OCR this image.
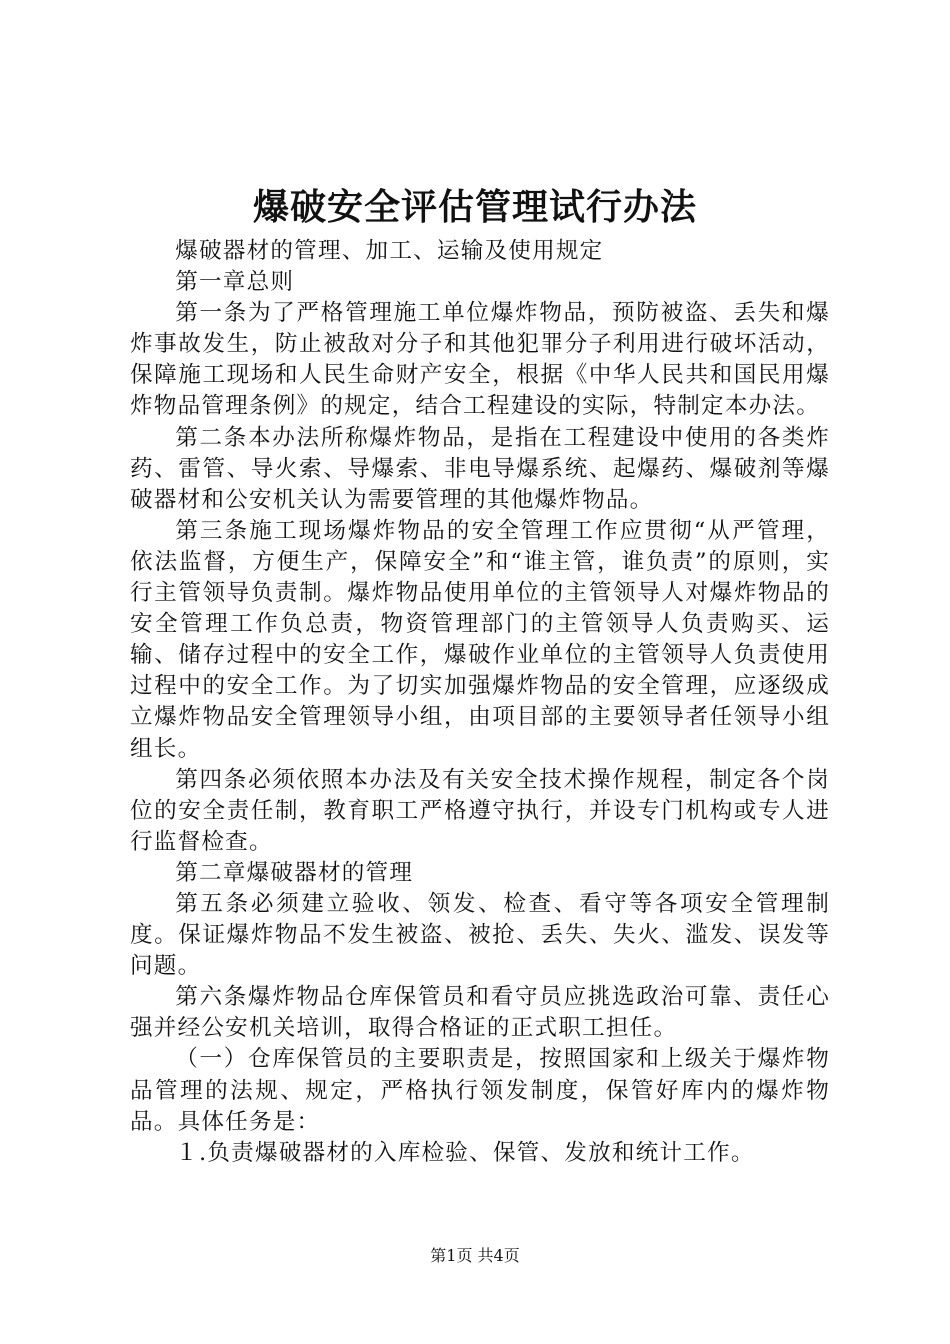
爆破安全评估管理试行办法

爆破器材的管理、加工、运输及使用规定

第一章总则

第一条为了严格管理施工单位爆炸物品，预防被盗、丢失和爆炸事故发生，防止被敌对分子和其他犯罪分子利用进行破坏活动，保障施工现场和人民生命财产安全，根据《中华人民共和国民用爆炸物品管理条例》的规定，结合工程建设的实际，特制定本办法。

第二条本办法所称爆炸物品，是指在工程建设中使用的各类炸药、雷管、导火索、导爆索、非电导爆系统、起爆药、爆破剂等爆破器材和公安机关认为需要管理的其他爆炸物品。

第三条施工现场爆炸物品的安全管理工作应贯彻“从严管理，依法监督，方便生产，保障安全”和“谁主管，谁负责”的原则，实行主管领导负责制。爆炸物品使用单位的主管领导人对爆炸物品的安全管理工作负总责，物资管理部门的主管领导人负责购买、运输、储存过程中的安全工作，爆破作业单位的主管领导人负责使用过程中的安全工作。为了切实加强爆炸物品的安全管理，应逐级成立爆炸物品安全管理领导小组，由项目部的主要领导者任领导小组组长。

第四条必须依照本办法及有关安全技术操作规程，制定各个岗位的安全责任制，教育职工严格遵守执行，并设专门机构或专人进行监督检查。

第二章爆破器材的管理

第五条必须建立验收、领发、检查、看守等各项安全管理制度。保证爆炸物品不发生被盗、被抢、丢失、失火、滥发、误发等问题。

第六条爆炸物品仓库保管员和看守员应挑选政治可靠、责任心强并经公安机关培训，取得合格证的正式职工担任。

（一）仓库保管员的主要职责是，按照国家和上级关于爆炸物品管理的法规、规定，严格执行领发制度，保管好库内的爆炸物品。具体任务是：

１.负责爆破器材的入库检验、保管、发放和统计工作。

第1页 共4页
